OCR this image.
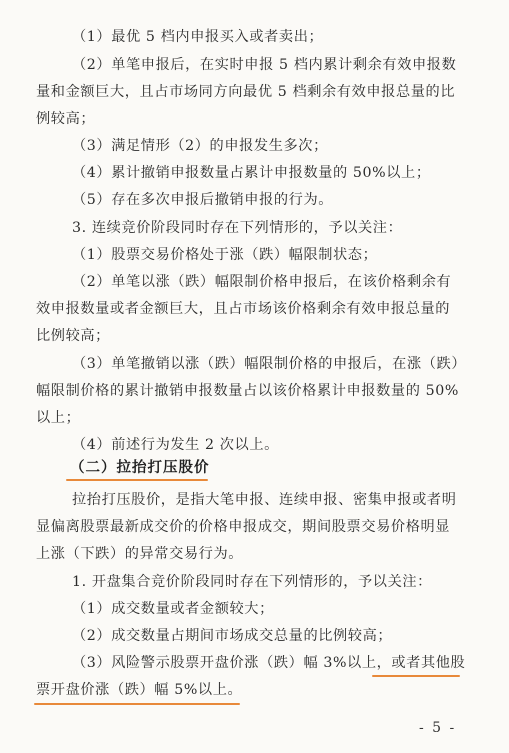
（1）最优 5 档内申报买入或者卖出；
（2）单笔申报后，在实时申报 5 档内累计剩余有效申报数
量和金额巨大，且占市场同方向最优 5 档剩余有效申报总量的比
例较高；
（3）满足情形（2）的申报发生多次；
（4）累计撤销申报数量占累计申报数量的 50%以上；
（5）存在多次申报后撤销申报的行为。
3. 连续竞价阶段同时存在下列情形的，予以关注：
（1）股票交易价格处于涨（跌）幅限制状态；
（2）单笔以涨（跌）幅限制价格申报后，在该价格剩余有
效申报数量或者金额巨大，且占市场该价格剩余有效申报总量的
比例较高；
（3）单笔撤销以涨（跌）幅限制价格的申报后，在涨（跌）
幅限制价格的累计撤销申报数量占以该价格累计申报数量的 50%
以上；
（4）前述行为发生 2 次以上。
（二）拉抬打压股价
拉抬打压股价，是指大笔申报、连续申报、密集申报或者明
显偏离股票最新成交价的价格申报成交，期间股票交易价格明显
上涨（下跌）的异常交易行为。
1. 开盘集合竞价阶段同时存在下列情形的，予以关注：
（1）成交数量或者金额较大；
（2）成交数量占期间市场成交总量的比例较高；
（3）风险警示股票开盘价涨（跌）幅 3%以上，或者其他股
票开盘价涨（跌）幅 5%以上。
- 5 -
